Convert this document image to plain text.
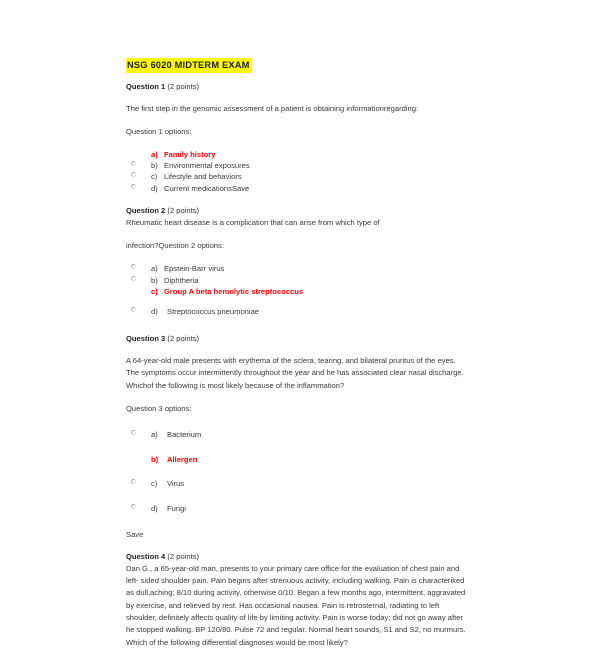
NSG 6020 MIDTERM EXAM

Question 1 (2 points)

The first step in the genomic assessment of a patient is obtaining informationregarding:

Question 1 options:

a) Family history
b) Environmental exposures
c) Lifestyle and behaviors
d) Current medicationsSave

Question 2 (2 points)

Rheumatic heart disease is a complication that can arise from which type of

infection?Question 2 options:

a) Epstein-Barr virus
b) Diphtheria
c) Group A beta hemolytic streptococcus
d)	Streptococcus pneumoniae

Question 3 (2 points)

A 64-year-old male presents with erythema of the sclera, tearing, and bilateral pruritus of the eyes. The symptoms occur intermittently throughout the year and he has associated clear nasal discharge. Whichof the following is most likely because of the inflammation?

Question 3 options:

a)	Bacterium
b)	Allergen
c)	Virus
d)	Fungi

Save

Question 4 (2 points)

Dan G., a 65-year-old man, presents to your primary care office for the evaluation of chest pain and left- sided shoulder pain. Pain begins after strenuous activity, including walking. Pain is characteriked as dull,aching; 8/10 during activity, otherwise 0/10. Began a few months ago, intermittent, aggravated by exercise, and relieved by rest. Has occasional nausea. Pain is retrosternal, radiating to left shoulder, definitely affects quality of life by limiting activity. Pain is worse today; did not go away after he stopped walking. BP 120/80. Pulse 72 and regular. Normal heart sounds, S1 and S2, no murmurs. Which of the following differential diagnoses would be most likely?
